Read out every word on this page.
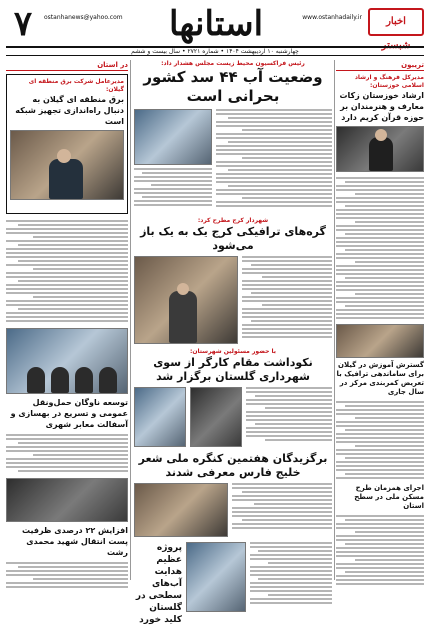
۷	ostanhanews@yahoo.com	استانها	www.ostanhadaily.ir	اخبار شبستر
چهارشنبه ۱۰ اردیبهشت ۱۴۰۴ • شماره ۲۷۲۱ • سال بیست و ششم
در استان	تریبون
مدیرعامل شرکت برق منطقه ای گیلان:
برق منطقه ای گیلان به دنبال راه‌اندازی تجهیز شبکه است
توسعه ناوگان حمل‌ونقل عمومی و تسریع در بهسازی و آسفالت معابر شهری
افزایش ۲۲ درصدی ظرفیت پست انتقال شهید محمدی رشت
رئیس فراکسیون محیط زیست مجلس هشدار داد:
وضعیت آب ۴۴ سد کشور بحرانی است
شهردار کرج مطرح کرد:
گره‌های ترافیکی کرج یک به یک باز می‌شود
با حضور مسئولین شهرستان:
نکوداشت مقام کارگر از سوی شهرداری گلستان برگزار شد
برگزیدگان هفتمین کنگره ملی شعر خلیج فارس معرفی شدند
پروژه عظیم هدایت آب‌های سطحی در گلستان کلید خورد
مدیرکل فرهنگ و ارشاد اسلامی خوزستان:
ارشاد خوزستان زکات معارف و هنرمندان بر حوزه قرآن کریم دارد
گسترش آموزش در گیلان برای ساماندهی ترافیک با تعریض کمربندی مرکز در سال جاری
اجرای همزمان طرح مسکن ملی در سطح استان
